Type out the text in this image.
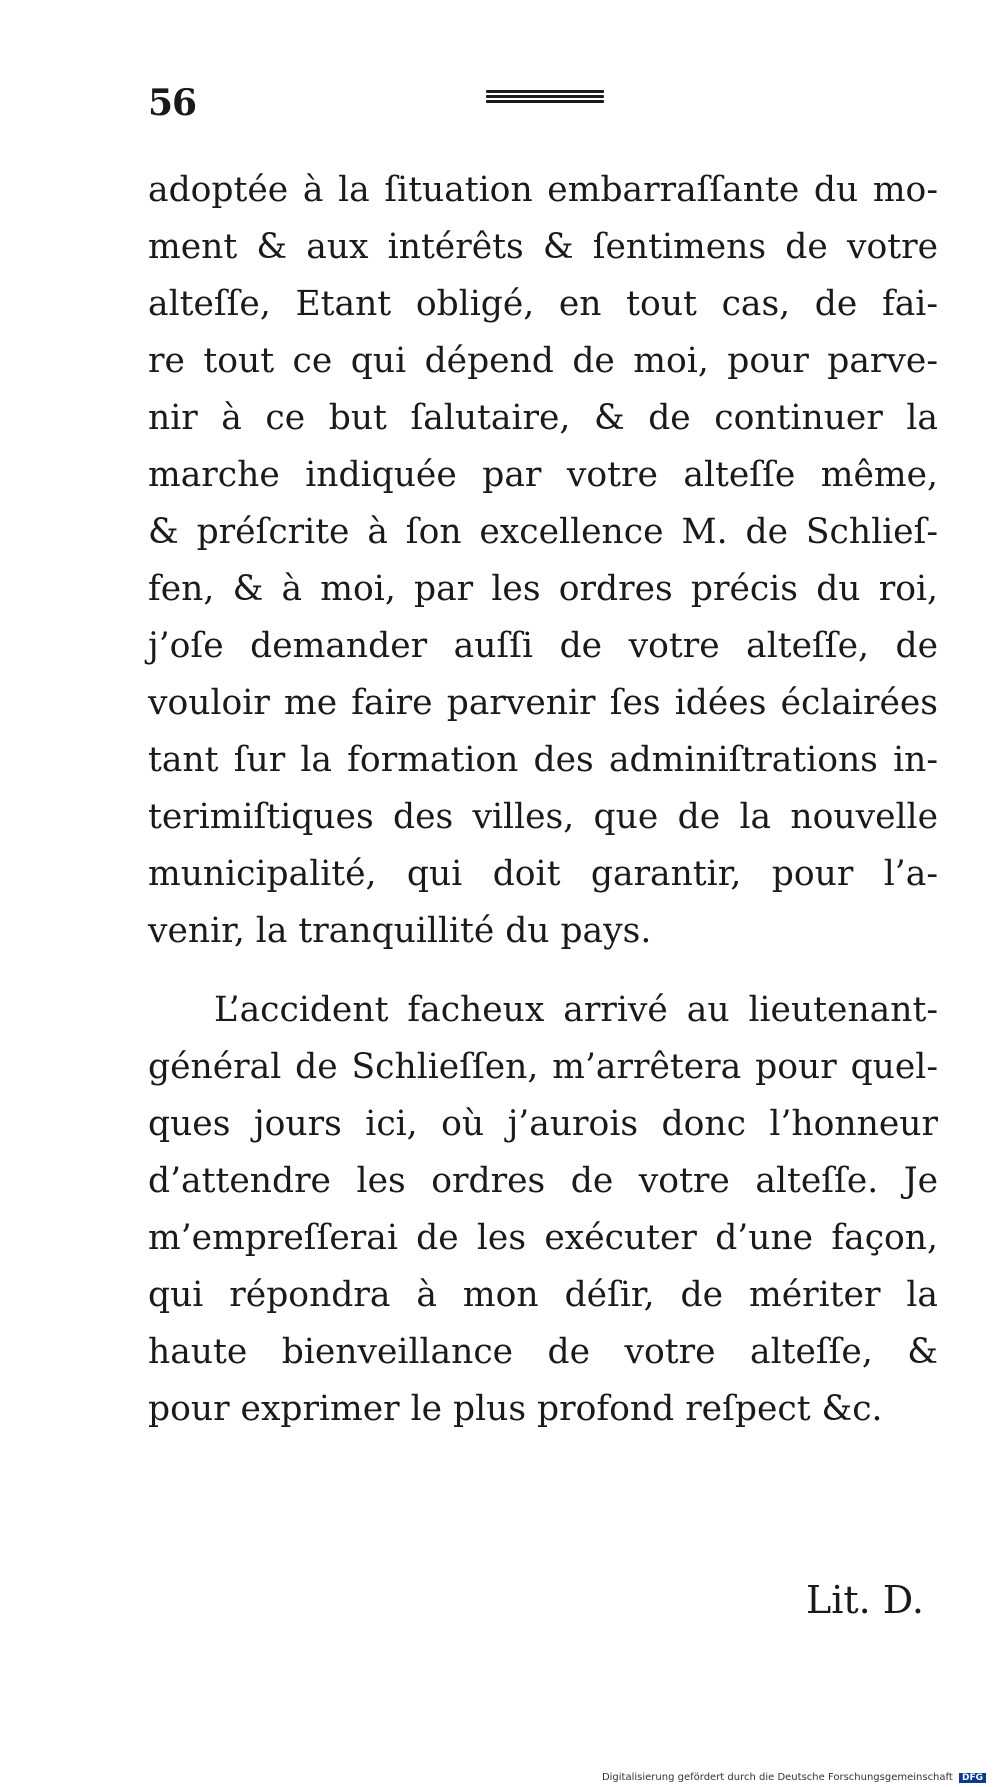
56
adoptée à la ſituation embarraſſante du mo-
ment & aux intérêts & ſentimens de votre
alteſſe, Etant obligé, en tout cas, de fai-
re tout ce qui dépend de moi, pour parve-
nir à ce but ſalutaire, & de continuer la
marche indiquée par votre alteſſe même,
& préſcrite à ſon excellence M. de Schlieſ-
fen, & à moi, par les ordres précis du roi,
j’oſe demander auſſi de votre alteſſe, de
vouloir me faire parvenir ſes idées éclairées
tant ſur la formation des adminiſtrations in-
terimiſtiques des villes, que de la nouvelle
municipalité, qui doit garantir, pour l’a-
venir, la tranquillité du pays.
L’accident facheux arrivé au lieutenant-
général de Schlieſſen, m’arrêtera pour quel-
ques jours ici, où j’aurois donc l’honneur
d’attendre les ordres de votre alteſſe. Je
m’empreſſerai de les exécuter d’une façon,
qui répondra à mon déſir, de mériter la
haute bienveillance de votre alteſſe, &
pour exprimer le plus profond reſpect &c.
Lit. D.
Digitalisierung gefördert durch die Deutsche Forschungsgemeinschaft DFG
